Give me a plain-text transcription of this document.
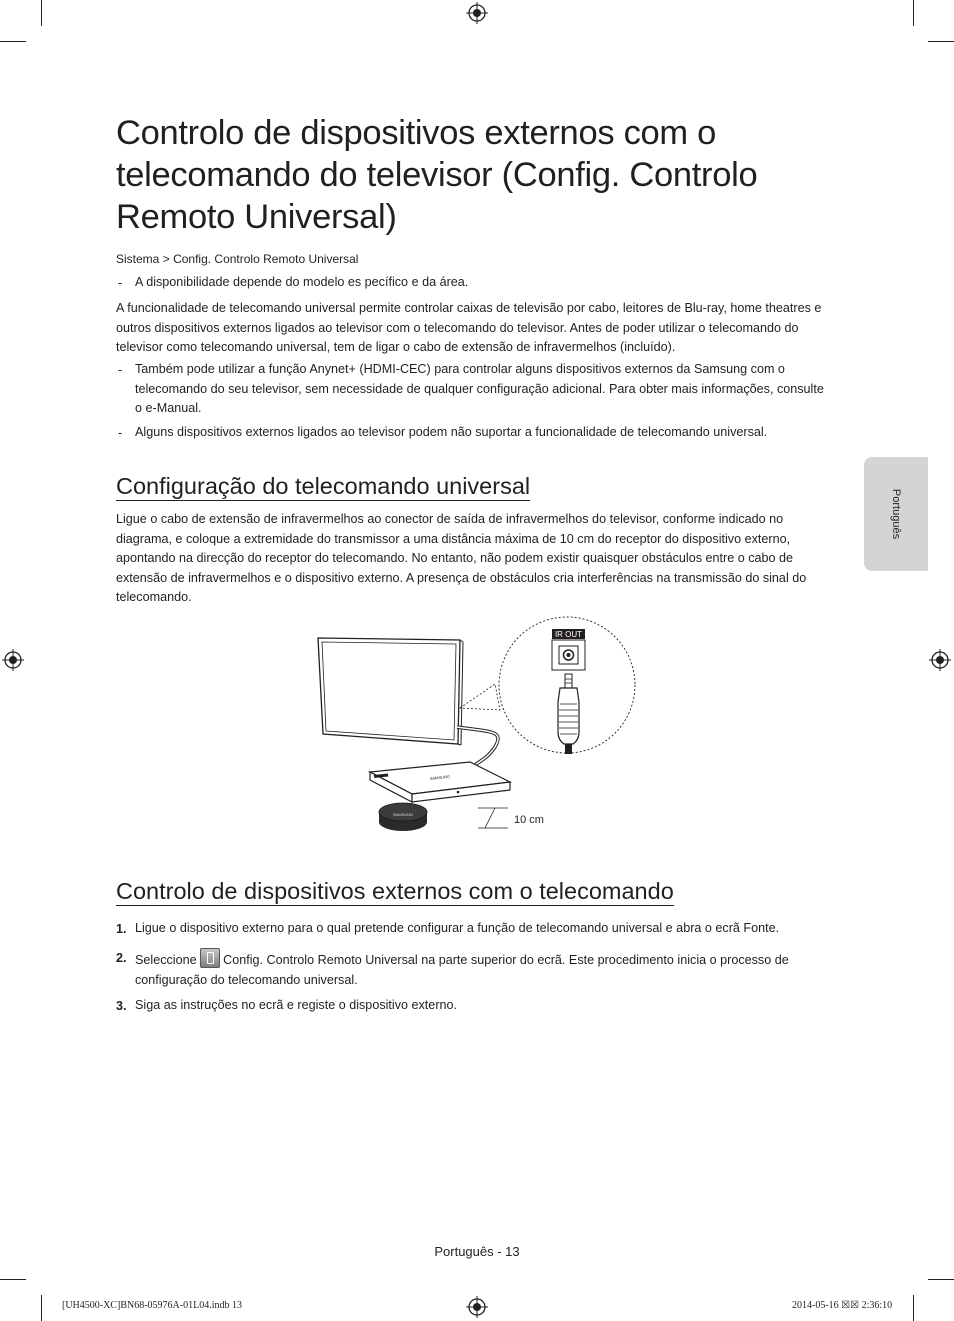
Controlo de dispositivos externos com o telecomando do televisor (Config. Controlo Remoto Universal)
Sistema > Config. Controlo Remoto Universal
- A disponibilidade depende do modelo es pecífico e da área.

A funcionalidade de telecomando universal permite controlar caixas de televisão por cabo, leitores de Blu-ray, home theatres e outros dispositivos externos ligados ao televisor com o telecomando do televisor. Antes de poder utilizar o telecomando do televisor como telecomando universal, tem de ligar o cabo de extensão de infravermelhos (incluído).

- Também pode utilizar a função Anynet+ (HDMI-CEC) para controlar alguns dispositivos externos da Samsung com o telecomando do seu televisor, sem necessidade de qualquer configuração adicional. Para obter mais informações, consulte o e-Manual.

- Alguns dispositivos externos ligados ao televisor podem não suportar a funcionalidade de telecomando universal.

Configuração do telecomando universal

Ligue o cabo de extensão de infravermelhos ao conector de saída de infravermelhos do televisor, conforme indicado no diagrama, e coloque a extremidade do transmissor a uma distância máxima de 10 cm do receptor do dispositivo externo, apontando na direcção do receptor do telecomando. No entanto, não podem existir quaisquer obstáculos entre o cabo de extensão de infravermelhos e o dispositivo externo. A presença de obstáculos cria interferências na transmissão do sinal do telecomando.

IR OUT
SAMSUNG
SAMSUNG	10 cm
Controlo de dispositivos externos com o telecomando
1. Ligue o dispositivo externo para o qual pretende configurar a função de telecomando universal e abra o ecrã Fonte.

2. Seleccione Config. Controlo Remoto Universal na parte superior do ecrã. Este procedimento inicia o processo de configuração do telecomando universal.

3. Siga as instruções no ecrã e registe o dispositivo externo.

Português
Português - 13
[UH4500-XC]BN68-05976A-01L04.indb 13	2014-05-16 ☒☒ 2:36:10
